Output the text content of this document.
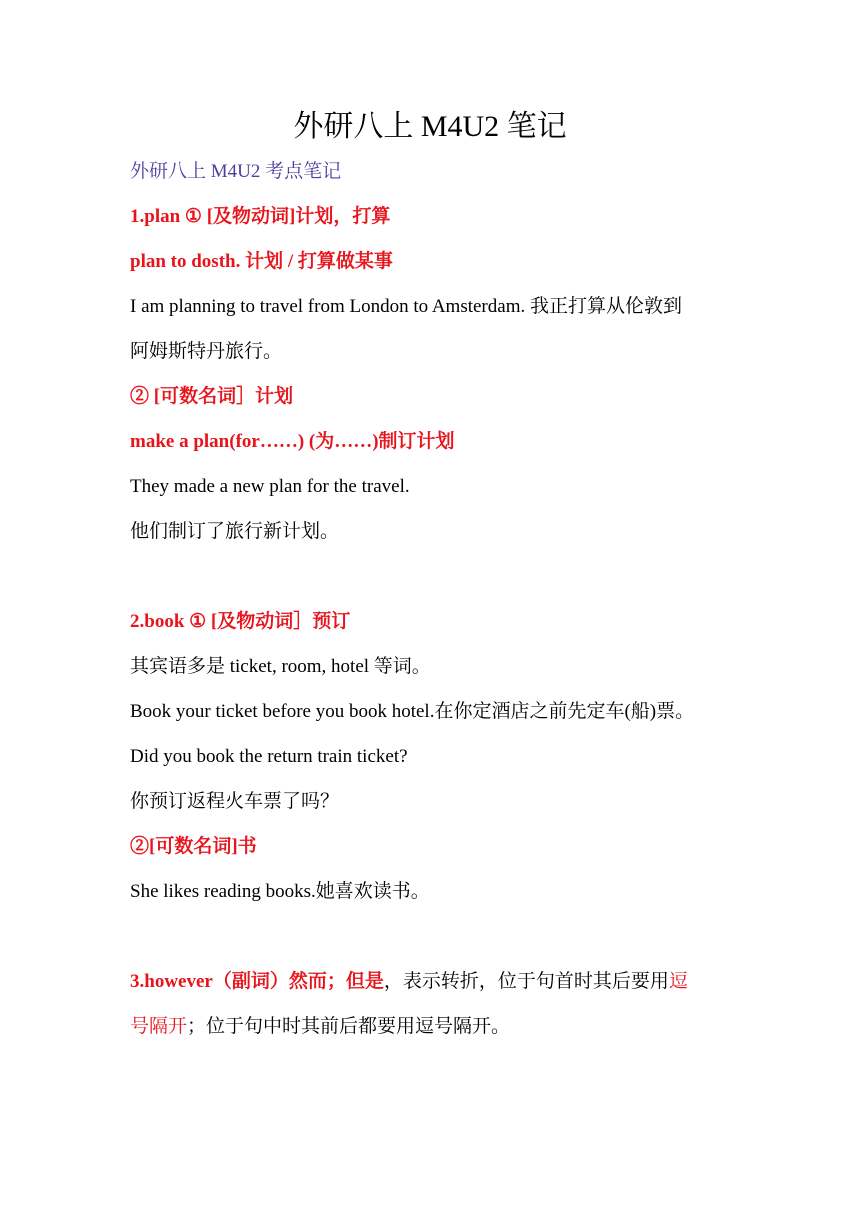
外研八上 M4U2 笔记
外研八上 M4U2 考点笔记
1.plan ① [及物动词]计划，打算
plan to dosth. 计划 / 打算做某事
I am planning to travel from London to Amsterdam. 我正打算从伦敦到
阿姆斯特丹旅行。
② [可数名词］计划
make a plan(for……) (为……)制订计划
They made a new plan for the travel.
他们制订了旅行新计划。
2.book ① [及物动词］预订
其宾语多是 ticket, room, hotel 等词。
Book your ticket before you book hotel.在你定酒店之前先定车(船)票。
Did you book the return train ticket?
你预订返程火车票了吗？
②[可数名词]书
She likes reading books.她喜欢读书。
3.however（副词）然而；但是，表示转折，位于句首时其后要用逗
号隔开；位于句中时其前后都要用逗号隔开。
